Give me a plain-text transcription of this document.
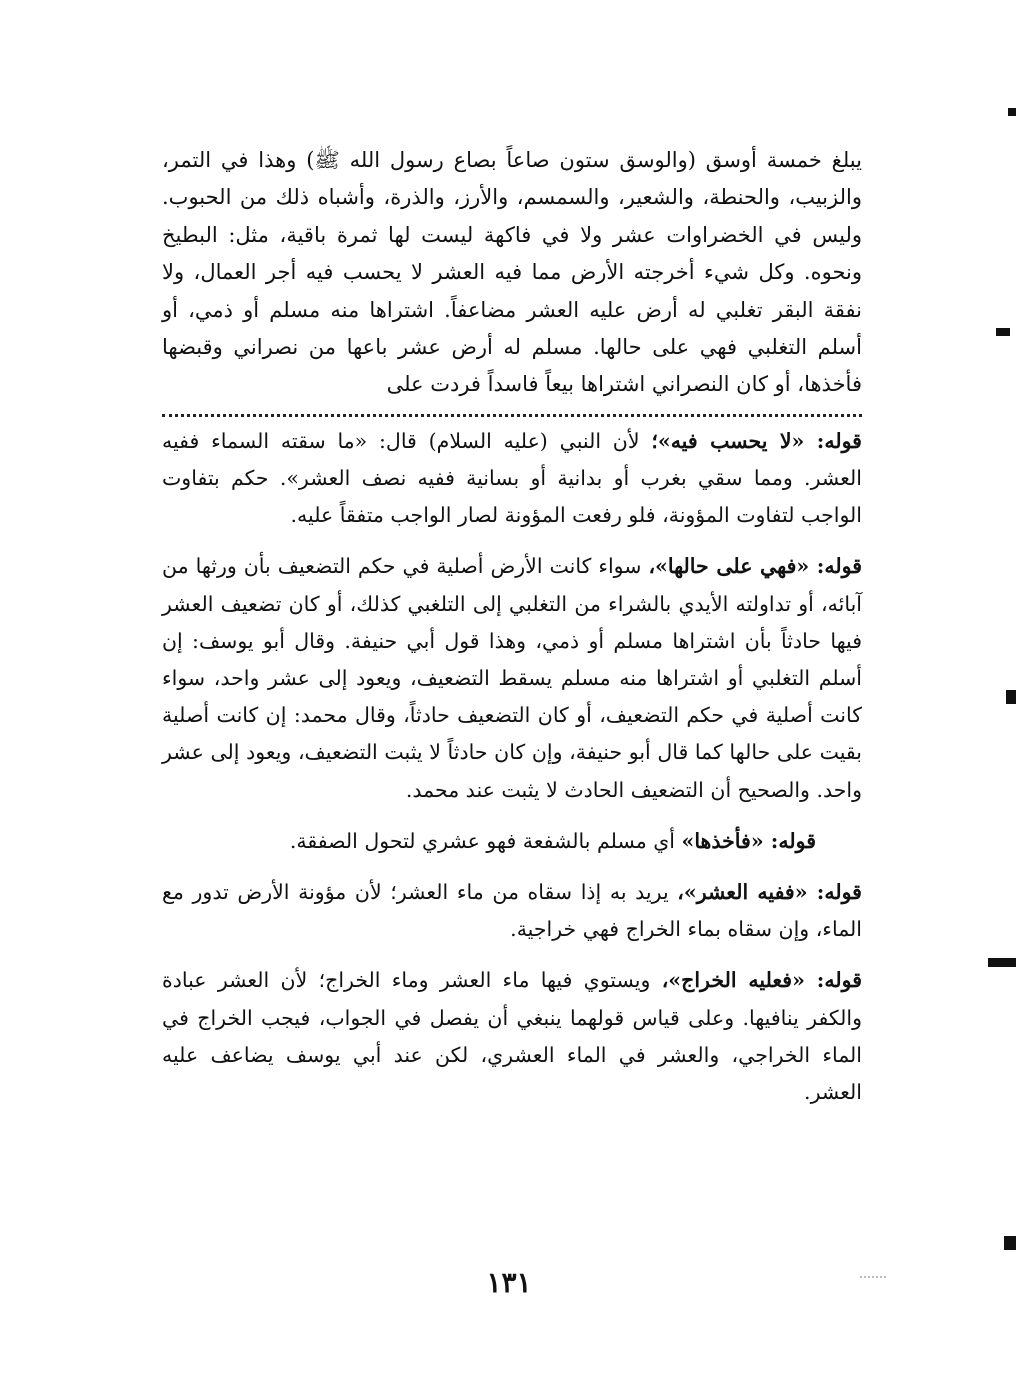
يبلغ خمسة أوسق (والوسق ستون صاعاً بصاع رسول الله ﷺ) وهذا في التمر، والزبيب، والحنطة، والشعير، والسمسم، والأرز، والذرة، وأشباه ذلك من الحبوب. وليس في الخضراوات عشر ولا في فاكهة ليست لها ثمرة باقية، مثل: البطيخ ونحوه. وكل شيء أخرجته الأرض مما فيه العشر لا يحسب فيه أجر العمال، ولا نفقة البقر تغلبي له أرض عليه العشر مضاعفاً. اشتراها منه مسلم أو ذمي، أو أسلم التغلبي فهي على حالها. مسلم له أرض عشر باعها من نصراني وقبضها فأخذها، أو كان النصراني اشتراها بيعاً فاسداً فردت على

قوله: «لا يحسب فيه»؛ لأن النبي (عليه السلام) قال: «ما سقته السماء ففيه العشر. ومما سقي بغرب أو بدانية أو بسانية ففيه نصف العشر». حكم بتفاوت الواجب لتفاوت المؤونة، فلو رفعت المؤونة لصار الواجب متفقاً عليه.

قوله: «فهي على حالها»، سواء كانت الأرض أصلية في حكم التضعيف بأن ورثها من آبائه، أو تداولته الأيدي بالشراء من التغلبي إلى التلغبي كذلك، أو كان تضعيف العشر فيها حادثاً بأن اشتراها مسلم أو ذمي، وهذا قول أبي حنيفة. وقال أبو يوسف: إن أسلم التغلبي أو اشتراها منه مسلم يسقط التضعيف، ويعود إلى عشر واحد، سواء كانت أصلية في حكم التضعيف، أو كان التضعيف حادثاً، وقال محمد: إن كانت أصلية بقيت على حالها كما قال أبو حنيفة، وإن كان حادثاً لا يثبت التضعيف، ويعود إلى عشر واحد. والصحيح أن التضعيف الحادث لا يثبت عند محمد.

قوله: «فأخذها» أي مسلم بالشفعة فهو عشري لتحول الصفقة.

قوله: «ففيه العشر»، يريد به إذا سقاه من ماء العشر؛ لأن مؤونة الأرض تدور مع الماء، وإن سقاه بماء الخراج فهي خراجية.

قوله: «فعليه الخراج»، ويستوي فيها ماء العشر وماء الخراج؛ لأن العشر عبادة والكفر ينافيها. وعلى قياس قولهما ينبغي أن يفصل في الجواب، فيجب الخراج في الماء الخراجي، والعشر في الماء العشري، لكن عند أبي يوسف يضاعف عليه العشر.

١٣١
